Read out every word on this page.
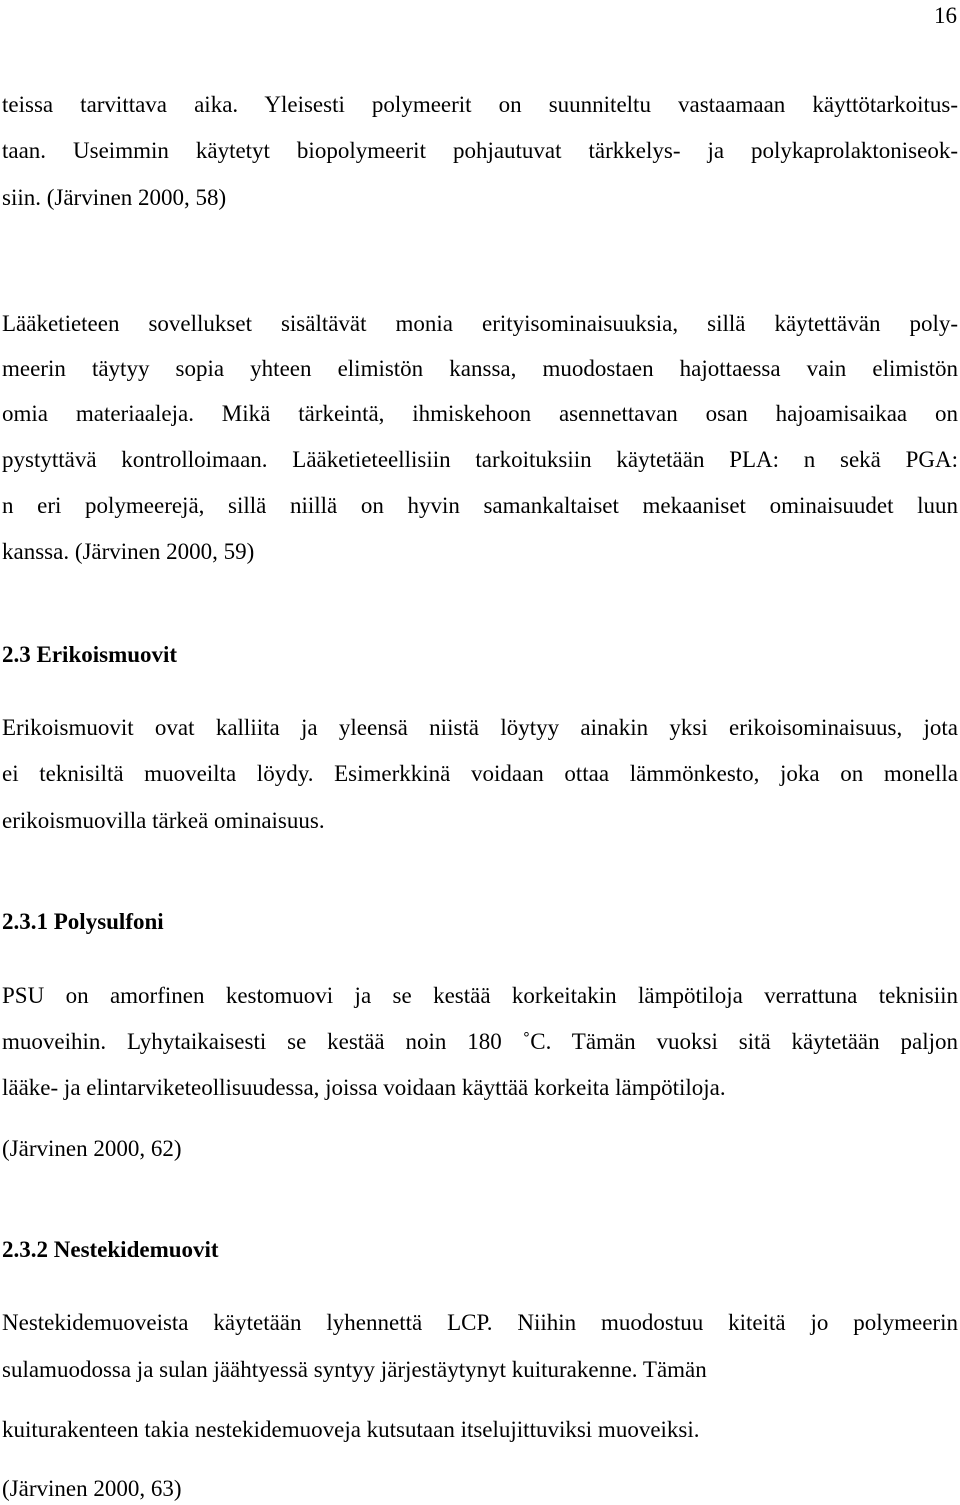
16
teissa tarvittava aika. Yleisesti polymeerit on suunniteltu vastaamaan käyttötarkoitus-
taan. Useimmin käytetyt biopolymeerit pohjautuvat tärkkelys- ja polykaprolaktoniseok-
siin. (Järvinen 2000, 58)
Lääketieteen sovellukset sisältävät monia erityisominaisuuksia, sillä käytettävän poly-
meerin täytyy sopia yhteen elimistön kanssa, muodostaen hajottaessa vain elimistön
omia materiaaleja. Mikä tärkeintä, ihmiskehoon asennettavan osan hajoamisaikaa on
pystyttävä kontrolloimaan. Lääketieteellisiin tarkoituksiin käytetään PLA: n sekä PGA:
n eri polymeerejä, sillä niillä on hyvin samankaltaiset mekaaniset ominaisuudet luun
kanssa. (Järvinen 2000, 59)
2.3 Erikoismuovit
Erikoismuovit ovat kalliita ja yleensä niistä löytyy ainakin yksi erikoisominaisuus, jota
ei teknisiltä muoveilta löydy. Esimerkkinä voidaan ottaa lämmönkesto, joka on monella
erikoismuovilla tärkeä ominaisuus.
2.3.1 Polysulfoni
PSU on amorfinen kestomuovi ja se kestää korkeitakin lämpötiloja verrattuna teknisiin
muoveihin. Lyhytaikaisesti se kestää noin 180 ˚C. Tämän vuoksi sitä käytetään paljon
lääke- ja elintarviketeollisuudessa, joissa voidaan käyttää korkeita lämpötiloja.
(Järvinen 2000, 62)
2.3.2 Nestekidemuovit
Nestekidemuoveista käytetään lyhennettä LCP. Niihin muodostuu kiteitä jo polymeerin
sulamuodossa ja sulan jäähtyessä syntyy järjestäytynyt kuiturakenne. Tämän
kuiturakenteen takia nestekidemuoveja kutsutaan itselujittuviksi muoveiksi.
(Järvinen 2000, 63)
